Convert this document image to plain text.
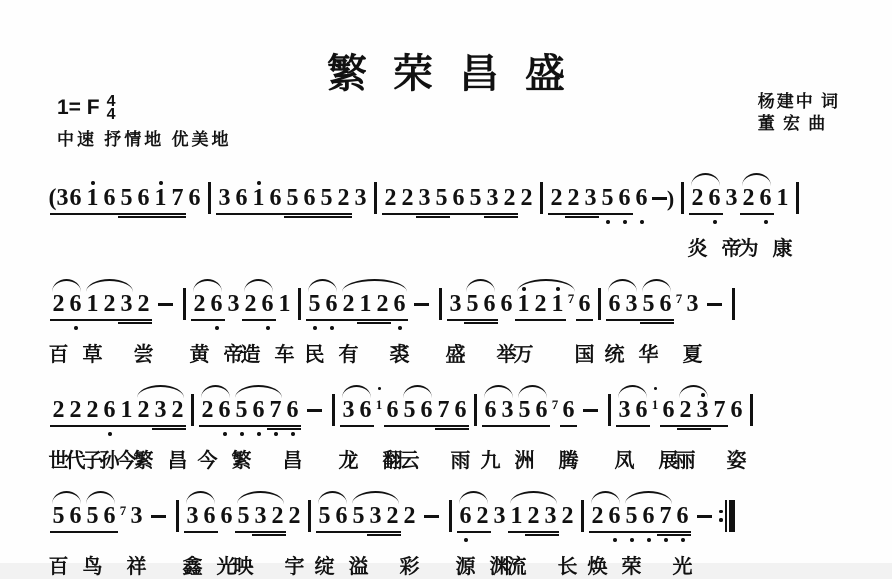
繁荣昌盛
1= F 4
4
中速 抒情地 优美地
杨建中 词
董 宏 曲
(3 6 1 6 5 6 1 7 6 3 6 1 6 5 6 5 2 3 2 2 3 5 6 5 3 2 2 2 2 3 5 6 6 ) 2
炎
6 3
帝
2
为
6 1
康
2
百
6 1
草
2 3 2
尝
2
黄
6 3
帝
2
造
6 1
车
5
民
6 2
有
1 2 6
裘
3
盛
5 6 6
举
1
万
2 1 7 6
国
6
统
3 5
华
6 7 3
夏
2
世
2
代
2
子
6
孙
1
今
2
繁
3 2
昌
2
今
6 5
繁
6 7 6
昌
3
龙
6 1 6
翻
5
云
6 7 6
雨
6
九
3 5
洲
6 7 6
腾
3
凤
6 1 6
展
2
丽
3 7 6
姿
5
百
6 5
鸟
6 7 3
祥
3
鑫
6 6
光
5
映
3 2 2
宇
5
绽
6 5
溢
3 2 2
彩
6
源
2 3
渊
1
流
2 3 2
长
2
焕
6 5
荣
6 7 6
光
